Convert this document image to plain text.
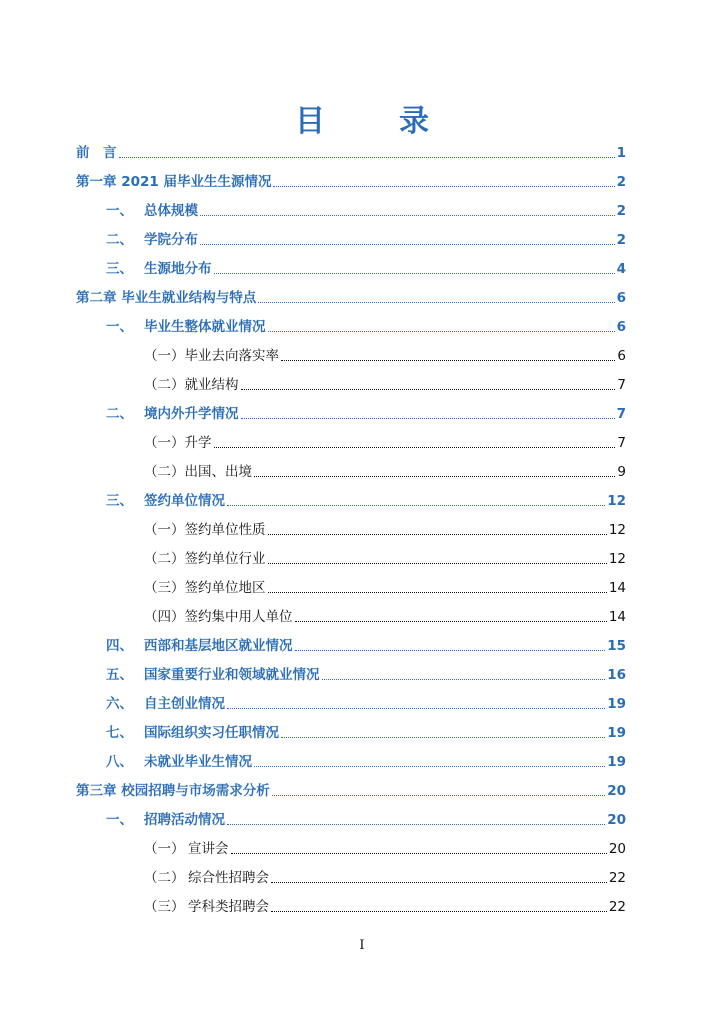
目　录
前　言	1
第一章 2021 届毕业生生源情况	2
一、 总体规模	2
二、 学院分布	2
三、 生源地分布	4
第二章 毕业生就业结构与特点	6
一、 毕业生整体就业情况	6
（一）毕业去向落实率	6
（二）就业结构	7
二、 境内外升学情况	7
（一）升学	7
（二）出国、出境	9
三、 签约单位情况	12
（一）签约单位性质	12
（二）签约单位行业	12
（三）签约单位地区	14
（四）签约集中用人单位	14
四、 西部和基层地区就业情况	15
五、 国家重要行业和领域就业情况	16
六、 自主创业情况	19
七、 国际组织实习任职情况	19
八、 未就业毕业生情况	19
第三章 校园招聘与市场需求分析	20
一、 招聘活动情况	20
（一） 宣讲会	20
（二） 综合性招聘会	22
（三） 学科类招聘会	22
I
